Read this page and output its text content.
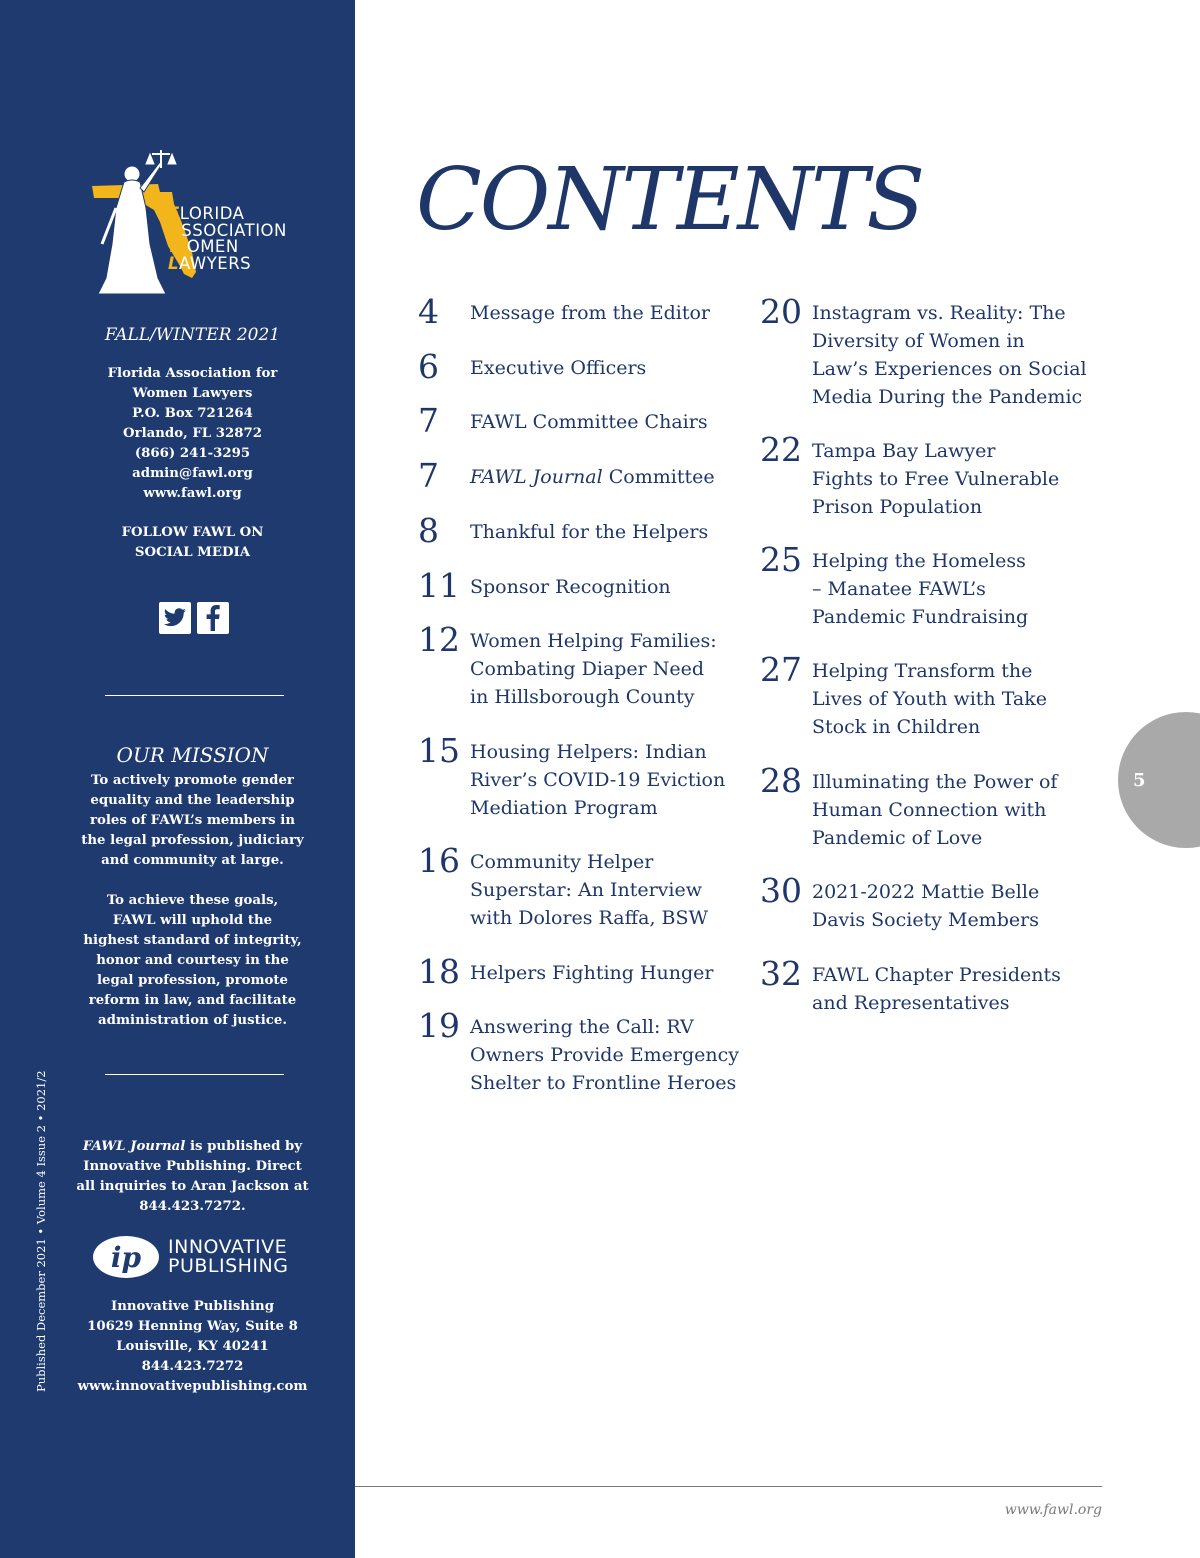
FLORIDA
ASSOCIATION
WOMEN
LAWYERS
FALL/WINTER 2021
Florida Association for
Women Lawyers
P.O. Box 721264
Orlando, FL 32872
(866) 241-3295
admin@fawl.org
www.fawl.org
FOLLOW FAWL ON
SOCIAL MEDIA
OUR MISSION
To actively promote gender
equality and the leadership
roles of FAWL’s members in
the legal profession, judiciary
and community at large.
To achieve these goals,
FAWL will uphold the
highest standard of integrity,
honor and courtesy in the
legal profession, promote
reform in law, and facilitate
administration of justice.
FAWL Journal is published by
Innovative Publishing. Direct
all inquiries to Aran Jackson at
844.423.7272.
ip INNOVATIVE
PUBLISHING
Innovative Publishing
10629 Henning Way, Suite 8
Louisville, KY 40241
844.423.7272
www.innovativepublishing.com
Published December 2021 • Volume 4 Issue 2 • 2021/2
CONTENTS
4	Message from the Editor
6	Executive Officers
7	FAWL Committee Chairs
7	FAWL Journal Committee
8	Thankful for the Helpers
11 Sponsor Recognition
12 Women Helping Families:
Combating Diaper Need
in Hillsborough County
15 Housing Helpers: Indian
River’s COVID-19 Eviction
Mediation Program
16 Community Helper
Superstar: An Interview
with Dolores Raffa, BSW
18 Helpers Fighting Hunger
19 Answering the Call: RV
Owners Provide Emergency
Shelter to Frontline Heroes
20 Instagram vs. Reality: The
Diversity of Women in
Law’s Experiences on Social
Media During the Pandemic
22 Tampa Bay Lawyer
Fights to Free Vulnerable
Prison Population
25 Helping the Homeless
– Manatee FAWL’s
Pandemic Fundraising
27 Helping Transform the
Lives of Youth with Take
Stock in Children
28 Illuminating the Power of
Human Connection with
Pandemic of Love
30 2021-2022 Mattie Belle
Davis Society Members
32 FAWL Chapter Presidents
and Representatives
5
www.fawl.org
